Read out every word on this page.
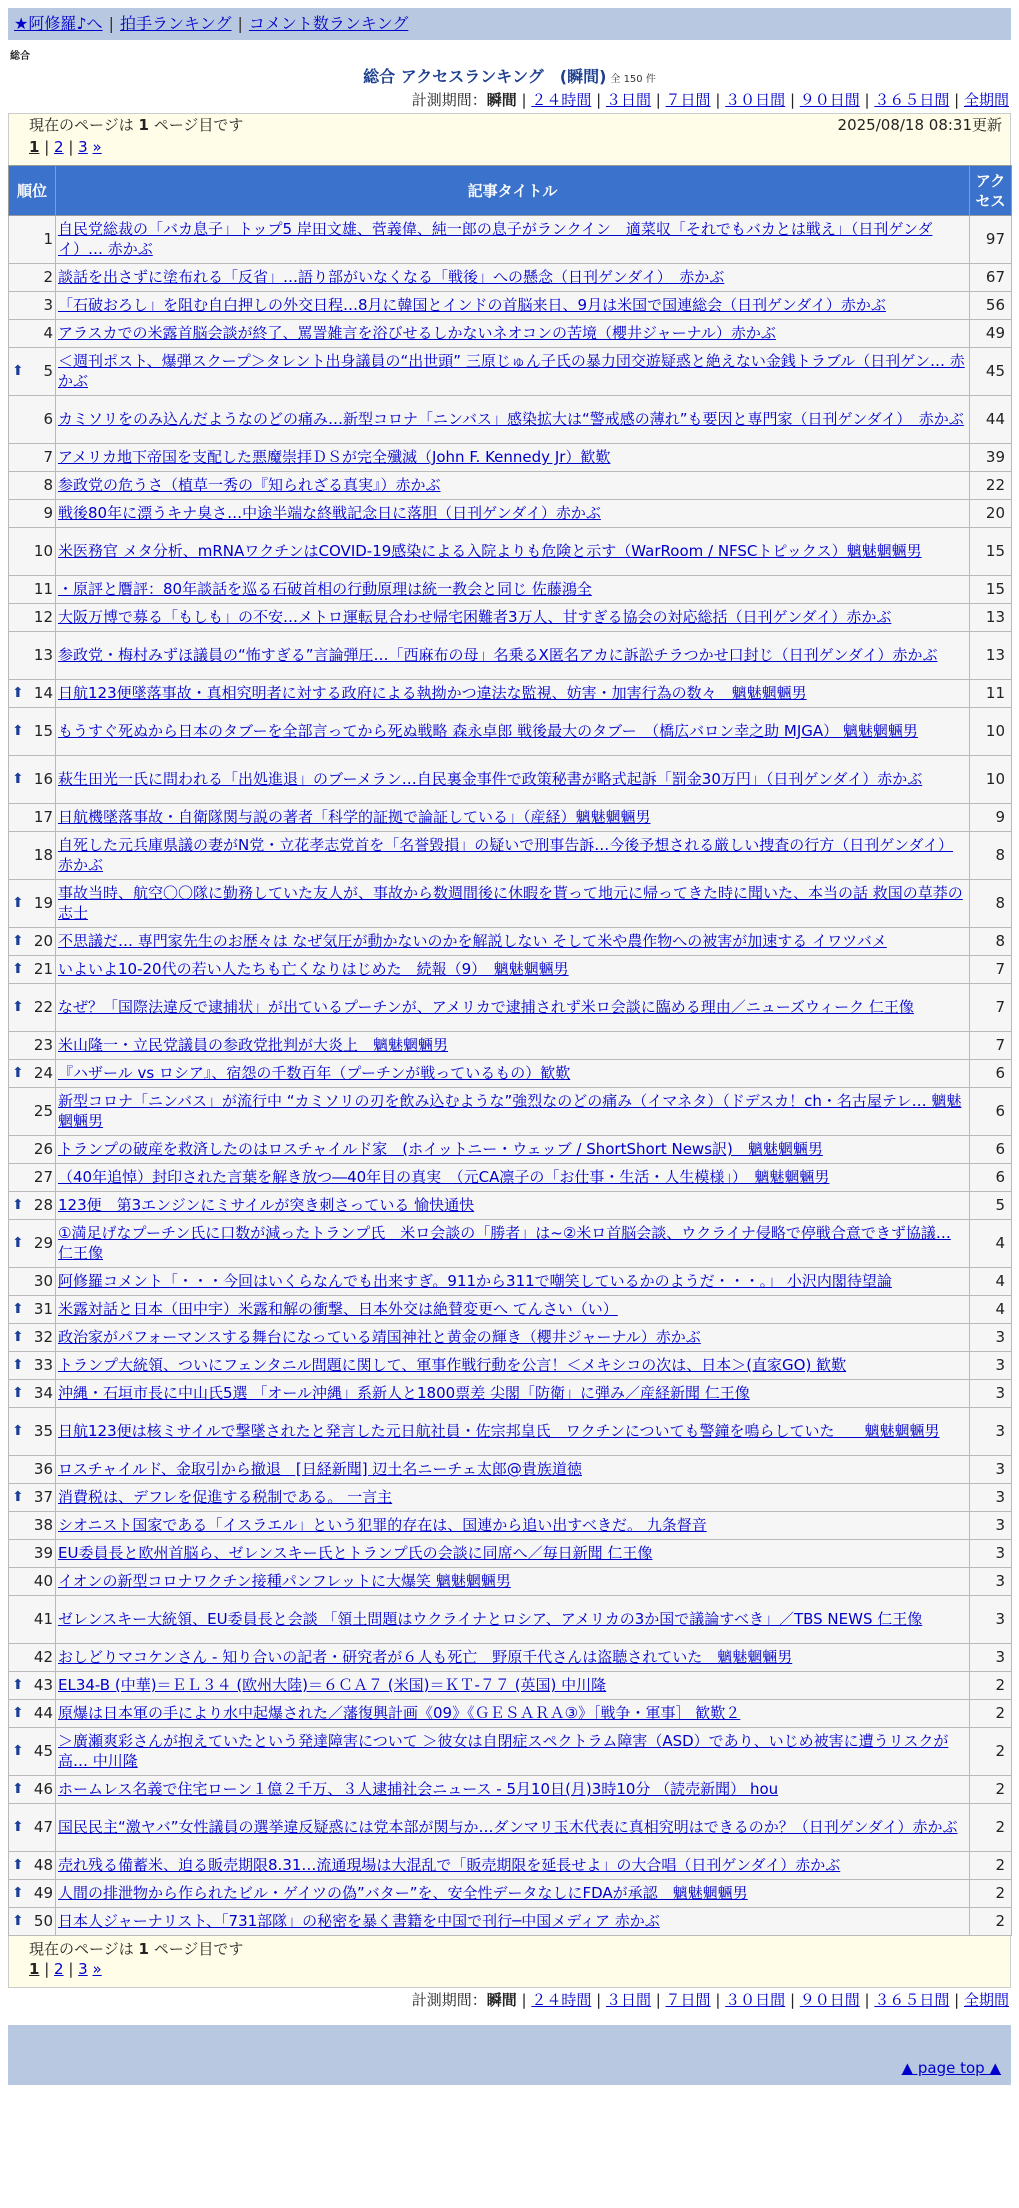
★阿修羅♪へ | 拍手ランキング | コメント数ランキング
総合
総合 アクセスランキング　(瞬間) 全 150 件
計測期間：瞬間 | ２４時間 | ３日間 | ７日間 | ３０日間 | ９０日間 | ３６５日間 | 全期間
現在のページは 1 ページ目です	2025/08/18 08:31更新
1 | 2 | 3 »
順位	記事タイトル	アクセス
1	自民党総裁の「バカ息子」トップ5 岸田文雄、菅義偉、純一郎の息子がランクイン　適菜収「それでもバカとは戦え」（日刊ゲンダイ）… 赤かぶ	97
2	談話を出さずに塗布れる「反省」…語り部がいなくなる「戦後」への懸念（日刊ゲンダイ）　赤かぶ	67
3	「石破おろし」を阻む自白押しの外交日程…8月に韓国とインドの首脳来日、9月は米国で国連総会（日刊ゲンダイ）赤かぶ	56
4	アラスカでの米露首脳会談が終了、罵詈雑言を浴びせるしかないネオコンの苦境（櫻井ジャーナル）赤かぶ	49

⬆ 5	＜週刊ポスト、爆弾スクープ＞タレント出身議員の“出世頭” 三原じゅん子氏の暴力団交遊疑惑と絶えない金銭トラブル（日刊ゲン… 赤かぶ	45
6	カミソリをのみ込んだようなのどの痛み…新型コロナ「ニンバス」感染拡大は“警戒感の薄れ”も要因と専門家（日刊ゲンダイ）　赤かぶ	44
7	アメリカ地下帝国を支配した悪魔崇拝ＤＳが完全殲滅（John F. Kennedy Jr）歓歎	39
8	参政党の危うさ（植草一秀の『知られざる真実』）赤かぶ	22
9	戦後80年に漂うキナ臭さ…中途半端な終戦記念日に落胆（日刊ゲンダイ）赤かぶ	20
10	米医務官 メタ分析、mRNAワクチンはCOVID-19感染による入院よりも危険と示す（WarRoom / NFSCトピックス）魑魅魍魎男	15
11	・原評と贋評：80年談話を巡る石破首相の行動原理は統一教会と同じ 佐藤鴻全	15
12	大阪万博で募る「もしも」の不安…メトロ運転見合わせ帰宅困難者3万人、甘すぎる協会の対応総括（日刊ゲンダイ）赤かぶ	13
13	参政党・梅村みずほ議員の“怖すぎる”言論弾圧…「西麻布の母」名乗るX匿名アカに訴訟チラつかせ口封じ（日刊ゲンダイ）赤かぶ	13

⬆ 14	日航123便墜落事故・真相究明者に対する政府による執拗かつ違法な監視、妨害・加害行為の数々　魑魅魍魎男	11

⬆ 15	もうすぐ死ぬから日本のタブーを全部言ってから死ぬ戦略 森永卓郎 戦後最大のタブー　（橋広バロン幸之助 MJGA） 魑魅魍魎男	10

⬆ 16	萩生田光一氏に問われる「出処進退」のブーメラン…自民裏金事件で政策秘書が略式起訴「罰金30万円」（日刊ゲンダイ）赤かぶ	10
17	日航機墜落事故・自衛隊関与説の著者「科学的証拠で論証している」（産経）魑魅魍魎男	9
18	自死した元兵庫県議の妻がN党・立花孝志党首を「名誉毀損」の疑いで刑事告訴…今後予想される厳しい捜査の行方（日刊ゲンダイ）赤かぶ	8

⬆ 19	事故当時、航空〇〇隊に勤務していた友人が、事故から数週間後に休暇を貰って地元に帰ってきた時に聞いた、本当の話 救国の草莽の志士	8

⬆ 20	不思議だ… 専門家先生のお歴々は なぜ気圧が動かないのかを解説しない そして米や農作物への被害が加速する イワツバメ	8

⬆ 21	いよいよ10-20代の若い人たちも亡くなりはじめた　続報（9）　魑魅魍魎男	7

⬆ 22	なぜ？「国際法違反で逮捕状」が出ているプーチンが、アメリカで逮捕されず米ロ会談に臨める理由／ニューズウィーク 仁王像	7
23	米山隆一・立民党議員の参政党批判が大炎上　魑魅魍魎男	7

⬆ 24	『ハザール vs ロシア』、宿怨の千数百年（プーチンが戦っているもの）歓歎	6
25	新型コロナ「ニンバス」が流行中 “カミソリの刃を飲み込むような”強烈なのどの痛み（イマネタ）（ドデスカ！ch・名古屋テレ… 魑魅魍魎男	6
26	トランプの破産を救済したのはロスチャイルド家　(ホイットニー・ウェッブ / ShortShort News訳)　魑魅魍魎男	6
27	（40年追悼）封印された言葉を解き放つ―40年目の真実　（元CA凛子の「お仕事・生活・人生模様」）　魑魅魍魎男	6

⬆ 28	123便　第3エンジンにミサイルが突き刺さっている 愉快通快	5

⬆ 29	①満足げなプーチン氏に口数が減ったトランプ氏　米ロ会談の「勝者」は~②米ロ首脳会談、ウクライナ侵略で停戦合意できず協議… 仁王像	4
30	阿修羅コメント「・・・今回はいくらなんでも出来すぎ。911から311で嘲笑しているかのようだ・・・。」 小沢内閣待望論	4

⬆ 31	米露対話と日本（田中宇）米露和解の衝撃、日本外交は絶賛変更へ てんさい（い）	4

⬆ 32	政治家がパフォーマンスする舞台になっている靖国神社と黄金の輝き（櫻井ジャーナル）赤かぶ	3

⬆ 33	トランプ大統領、ついにフェンタニル問題に関して、軍事作戦行動を公言！＜メキシコの次は、日本＞(直家GO) 歓歎	3

⬆ 34	沖縄・石垣市長に中山氏5選 「オール沖縄」系新人と1800票差 尖閣「防衛」に弾み／産経新聞 仁王像	3

⬆ 35	日航123便は核ミサイルで撃墜されたと発言した元日航社員・佐宗邦皇氏　ワクチンについても警鐘を鳴らしていた　　魑魅魍魎男	3
36	ロスチャイルド、金取引から撤退　[日経新聞] 辺土名ニーチェ太郎@貴族道徳	3

⬆ 37	消費税は、デフレを促進する税制である。 一言主	3
38	シオニスト国家である「イスラエル」という犯罪的存在は、国連から追い出すべきだ。 九条督音	3
39	EU委員長と欧州首脳ら、ゼレンスキー氏とトランプ氏の会談に同席へ／毎日新聞 仁王像	3
40	イオンの新型コロナワクチン接種パンフレットに大爆笑 魑魅魍魎男	3
41	ゼレンスキー大統領、EU委員長と会談 「領土問題はウクライナとロシア、アメリカの3か国で議論すべき」／TBS NEWS 仁王像	3
42	おしどりマコケンさん - 知り合いの記者・研究者が６人も死亡　野原千代さんは盗聴されていた　魑魅魍魎男	3

⬆ 43	EL34-B (中華)＝ＥＬ３４ (欧州大陸)＝６ＣＡ７ (米国)＝ＫＴ-７７ (英国) 中川隆	2

⬆ 44	原爆は日本軍の手により水中起爆された／藩復興計画《09》《ＧＥＳＡＲＡ③》［戦争・軍事］ 歓歎２	2

⬆ 45	＞廣瀬爽彩さんが抱えていたという発達障害について ＞彼女は自閉症スペクトラム障害（ASD）であり、いじめ被害に遭うリスクが高… 中川隆	2

⬆ 46	ホームレス名義で住宅ローン１億２千万、３人逮捕社会ニュース - 5月10日(月)3時10分 （読売新聞） hou	2

⬆ 47	国民民主“激ヤバ”女性議員の選挙違反疑惑には党本部が関与か…ダンマリ玉木代表に真相究明はできるのか？（日刊ゲンダイ）赤かぶ	2

⬆ 48	売れ残る備蓄米、迫る販売期限8.31…流通現場は大混乱で「販売期限を延長せよ」の大合唱（日刊ゲンダイ）赤かぶ	2

⬆ 49	人間の排泄物から作られたビル・ゲイツの偽”バター”を、安全性データなしにFDAが承認　魑魅魍魎男	2

⬆ 50	日本人ジャーナリスト、「731部隊」の秘密を暴く書籍を中国で刊行─中国メディア 赤かぶ	2
現在のページは 1 ページ目です
1 | 2 | 3 »
計測期間：瞬間 | ２４時間 | ３日間 | ７日間 | ３０日間 | ９０日間 | ３６５日間 | 全期間
▲ page top ▲
